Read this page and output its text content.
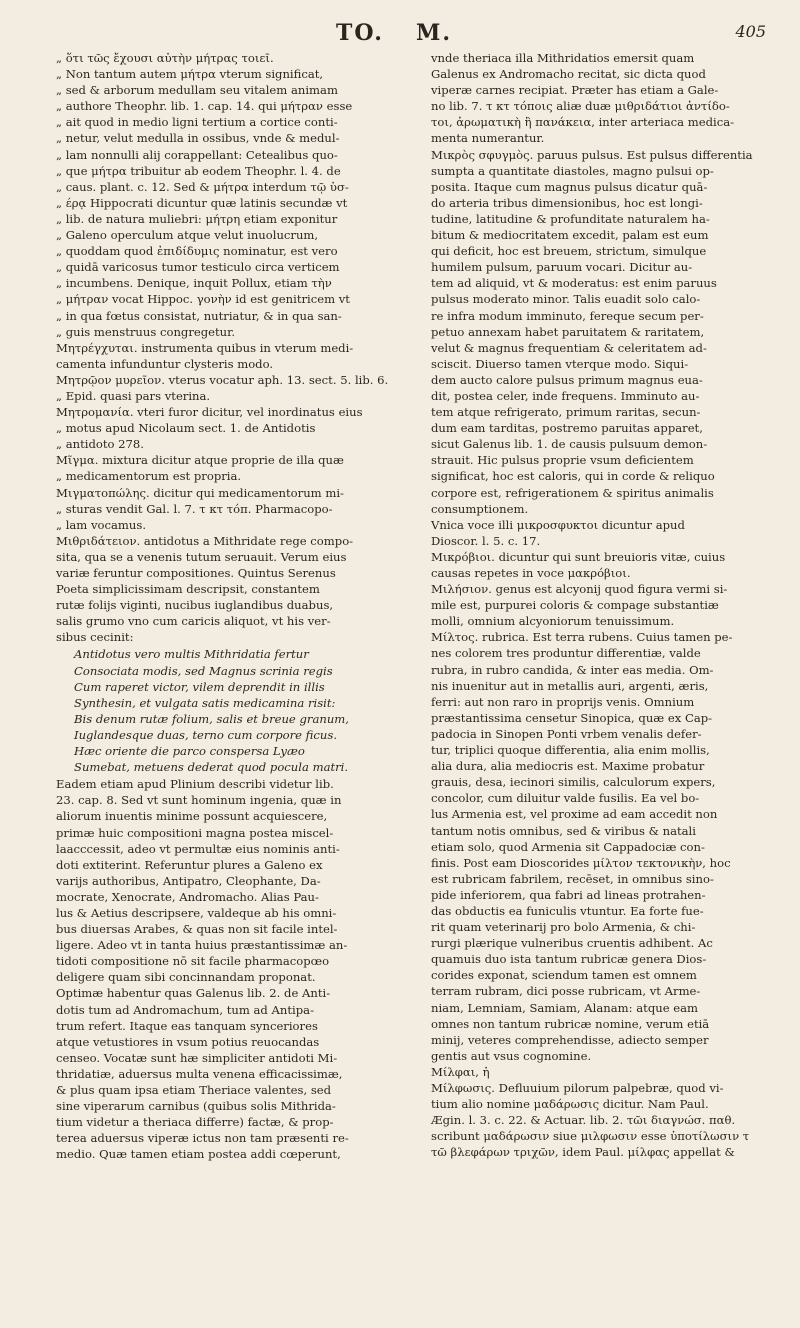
TO. M.	405

„ ὅτι τῶς ἔχουσι αὐτὴν μήτρας τοιεῖ.

„ Non tantum autem μήτρα vterum significat,

„ sed & arborum medullam seu vitalem animam

„ authore Theophr. lib. 1. cap. 14. qui μήτραν esse

„ ait quod in medio ligni tertium a cortice conti-

„ netur, velut medulla in ossibus, vnde & medul-

„ lam nonnulli alij corappellant: Cetealibus quo-

„ que μήτρα tribuitur ab eodem Theophr. l. 4. de

„ caus. plant. c. 12. Sed & μήτρα interdum τῷ ὑσ-

„ έρᾳ Hippocrati dicuntur quæ latinis secundæ vt

„ lib. de natura muliebri: μήτρη etiam exponitur

„ Galeno operculum atque velut inuolucrum,

„ quoddam quod ἐπιδίδυμις nominatur, est vero

„ quidā varicosus tumor testiculo circa verticem

„ incumbens. Denique, inquit Pollux, etiam τὴν

„ μήτραν vocat Hippoc. γονὴν id est genitricem vt

„ in qua fœtus consistat, nutriatur, & in qua san-

„ guis menstruus congregetur.

Μητρέγχυται. instrumenta quibus in vterum medi-

camenta infunduntur clysteris modo.

Μητρῷον μυρεῖον. vterus vocatur aph. 13. sect. 5. lib. 6.

„ Epid. quasi pars vterina.

Μητρομανία. vteri furor dicitur, vel inordinatus eius

„ motus apud Nicolaum sect. 1. de Antidotis

„ antidoto 278.

Μῖγμα. mixtura dicitur atque proprie de illa quæ

„ medicamentorum est propria.

Μιγματοπώλης. dicitur qui medicamentorum mi-

„ sturas vendit Gal. l. 7. τ κτ τόπ. Pharmacopo-

„ lam vocamus.

Μιθριδάτειον. antidotus a Mithridate rege compo-

sita, qua se a venenis tutum seruauit. Verum eius

variæ feruntur compositiones. Quintus Serenus

Poeta simplicissimam descripsit, constantem

rutæ folijs viginti, nucibus iuglandibus duabus,

salis grumo vno cum caricis aliquot, vt his ver-

sibus cecinit:

Antidotus vero multis Mithridatia fertur
Consociata modis, sed Magnus scrinia regis
Cum raperet victor, vilem deprendit in illis
Synthesin, et vulgata satis medicamina risit:
Bis denum rutæ folium, salis et breue granum,
Iuglandesque duas, terno cum corpore ficus.
Hæc oriente die parco conspersa Lyæo
Sumebat, metuens dederat quod pocula matri.

Eadem etiam apud Plinium describi videtur lib.

23. cap. 8. Sed vt sunt hominum ingenia, quæ in

aliorum inuentis minime possunt acquiescere,

primæ huic compositioni magna postea miscel-

laacccessit, adeo vt permultæ eius nominis anti-

doti extiterint. Referuntur plures a Galeno ex

varijs authoribus, Antipatro, Cleophante, Da-

mocrate, Xenocrate, Andromacho. Alias Pau-

lus & Aetius descripsere, valdeque ab his omni-

bus diuersas Arabes, & quas non sit facile intel-

ligere. Adeo vt in tanta huius præstantissimæ an-

tidoti compositione nō sit facile pharmacopœo

deligere quam sibi concinnandam proponat.

Optimæ habentur quas Galenus lib. 2. de Anti-

dotis tum ad Andromachum, tum ad Antipa-

trum refert. Itaque eas tanquam synceriores

atque vetustiores in vsum potius reuocandas

censeo. Vocatæ sunt hæ simpliciter antidoti Mi-

thridatiæ, aduersus multa venena efficacissimæ,

& plus quam ipsa etiam Theriace valentes, sed

sine viperarum carnibus (quibus solis Mithrida-

tium videtur a theriaca differre) factæ, & prop-

terea aduersus viperæ ictus non tam præsenti re-

medio. Quæ tamen etiam postea addi cœperunt,

vnde theriaca illa Mithridatios emersit quam

Galenus ex Andromacho recitat, sic dicta quod

viperæ carnes recipiat. Præter has etiam a Gale-

no lib. 7. τ κτ τόποις aliæ duæ μιθριδάτιοι ἀντίδο-

τοι, ἀρωματικὴ ἢ πανάκεια, inter arteriaca medica-

menta numerantur.

Μικρὸς σφυγμὸς. paruus pulsus. Est pulsus differentia

sumpta a quantitate diastoles, magno pulsui op-

posita. Itaque cum magnus pulsus dicatur quā-

do arteria tribus dimensionibus, hoc est longi-

tudine, latitudine & profunditate naturalem ha-

bitum & mediocritatem excedit, palam est eum

qui deficit, hoc est breuem, strictum, simulque

humilem pulsum, paruum vocari. Dicitur au-

tem ad aliquid, vt & moderatus: est enim paruus

pulsus moderato minor. Talis euadit solo calo-

re infra modum imminuto, fereque secum per-

petuo annexam habet paruitatem & raritatem,

velut & magnus frequentiam & celeritatem ad-

sciscit. Diuerso tamen vterque modo. Siqui-

dem aucto calore pulsus primum magnus eua-

dit, postea celer, inde frequens. Imminuto au-

tem atque refrigerato, primum raritas, secun-

dum eam tarditas, postremo paruitas apparet,

sicut Galenus lib. 1. de causis pulsuum demon-

strauit. Hic pulsus proprie vsum deficientem

significat, hoc est caloris, qui in corde & reliquo

corpore est, refrigerationem & spiritus animalis

consumptionem.

Vnica voce illi μικροσφυκτοι dicuntur apud

Dioscor. l. 5. c. 17.

Μικρόβιοι. dicuntur qui sunt breuioris vitæ, cuius

causas repetes in voce μακρόβιοι.

Μιλήσιον. genus est alcyonij quod figura vermi si-

mile est, purpurei coloris & compage substantiæ

molli, omnium alcyoniorum tenuissimum.

Μίλτος. rubrica. Est terra rubens. Cuius tamen pe-

nes colorem tres produntur differentiæ, valde

rubra, in rubro candida, & inter eas media. Om-

nis inuenitur aut in metallis auri, argenti, æris,

ferri: aut non raro in proprijs venis. Omnium

præstantissima censetur Sinopica, quæ ex Cap-

padocia in Sinopen Ponti vrbem venalis defer-

tur, triplici quoque differentia, alia enim mollis,

alia dura, alia mediocris est. Maxime probatur

grauis, desa, iecinori similis, calculorum expers,

concolor, cum diluitur valde fusilis. Ea vel bo-

lus Armenia est, vel proxime ad eam accedit non

tantum notis omnibus, sed & viribus & natali

etiam solo, quod Armenia sit Cappadociæ con-

finis. Post eam Dioscorides μίλτον τεκτονικὴν, hoc

est rubricam fabrilem, recēset, in omnibus sino-

pide inferiorem, qua fabri ad lineas protrahen-

das obductis ea funiculis vtuntur. Ea forte fue-

rit quam veterinarij pro bolo Armenia, & chi-

rurgi plærique vulneribus cruentis adhibent. Ac

quamuis duo ista tantum rubricæ genera Dios-

corides exponat, sciendum tamen est omnem

terram rubram, dici posse rubricam, vt Arme-

niam, Lemniam, Samiam, Alanam: atque eam

omnes non tantum rubricæ nomine, verum etiā

minij, veteres comprehendisse, adiecto semper

gentis aut vsus cognomine.

Μίλφαι, ἡ

Μίλφωσις. Defluuium pilorum palpebræ, quod vi-

tium alio nomine μαδάρωσις dicitur. Nam Paul.

Ægin. l. 3. c. 22. & Actuar. lib. 2. τῶι διαγνώσ. παθ.

scribunt μαδάρωσιν siue μιλφωσιν esse ὑποτίλωσιν τ

τῶ βλεφάρων τριχῶν, idem Paul. μίλφας appellat &
